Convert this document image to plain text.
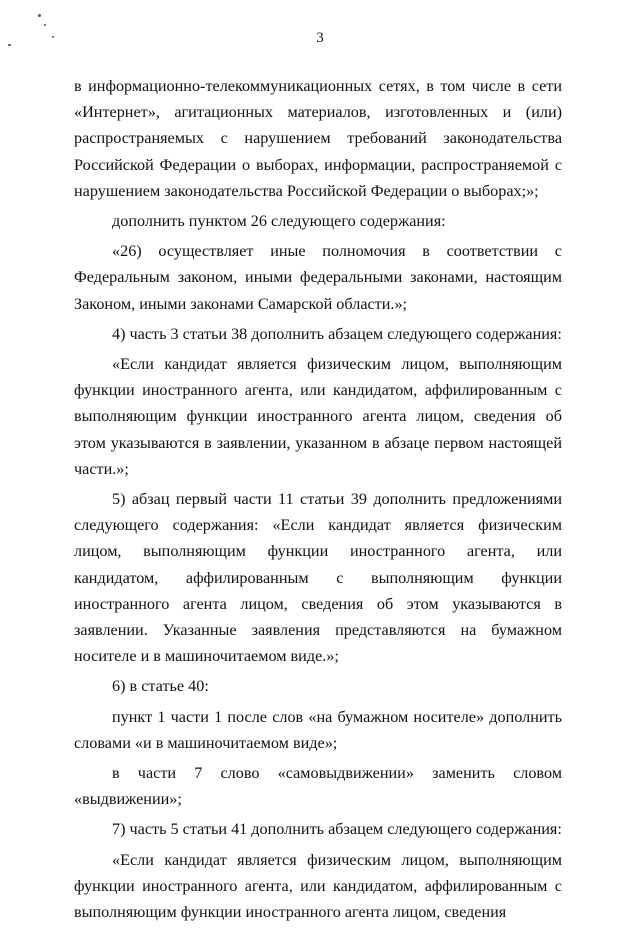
3

в информационно-телекоммуникационных сетях, в том числе в сети «Интернет», агитационных материалов, изготовленных и (или) распространяемых с нарушением требований законодательства Российской Федерации о выборах, информации, распространяемой с нарушением законодательства Российской Федерации о выборах;»;

дополнить пунктом 26 следующего содержания:

«26) осуществляет иные полномочия в соответствии с Федеральным законом, иными федеральными законами, настоящим Законом, иными законами Самарской области.»;

4) часть 3 статьи 38 дополнить абзацем следующего содержания:

«Если кандидат является физическим лицом, выполняющим функции иностранного агента, или кандидатом, аффилированным с выполняющим функции иностранного агента лицом, сведения об этом указываются в заявлении, указанном в абзаце первом настоящей части.»;

5) абзац первый части 11 статьи 39 дополнить предложениями следующего содержания: «Если кандидат является физическим лицом, выполняющим функции иностранного агента, или кандидатом, аффилированным с выполняющим функции иностранного агента лицом, сведения об этом указываются в заявлении. Указанные заявления представляются на бумажном носителе и в машиночитаемом виде.»;

6) в статье 40:

пункт 1 части 1 после слов «на бумажном носителе» дополнить словами «и в машиночитаемом виде»;

в части 7 слово «самовыдвижении» заменить словом «выдвижении»;

7) часть 5 статьи 41 дополнить абзацем следующего содержания:

«Если кандидат является физическим лицом, выполняющим функции иностранного агента, или кандидатом, аффилированным с выполняющим функции иностранного агента лицом, сведения
